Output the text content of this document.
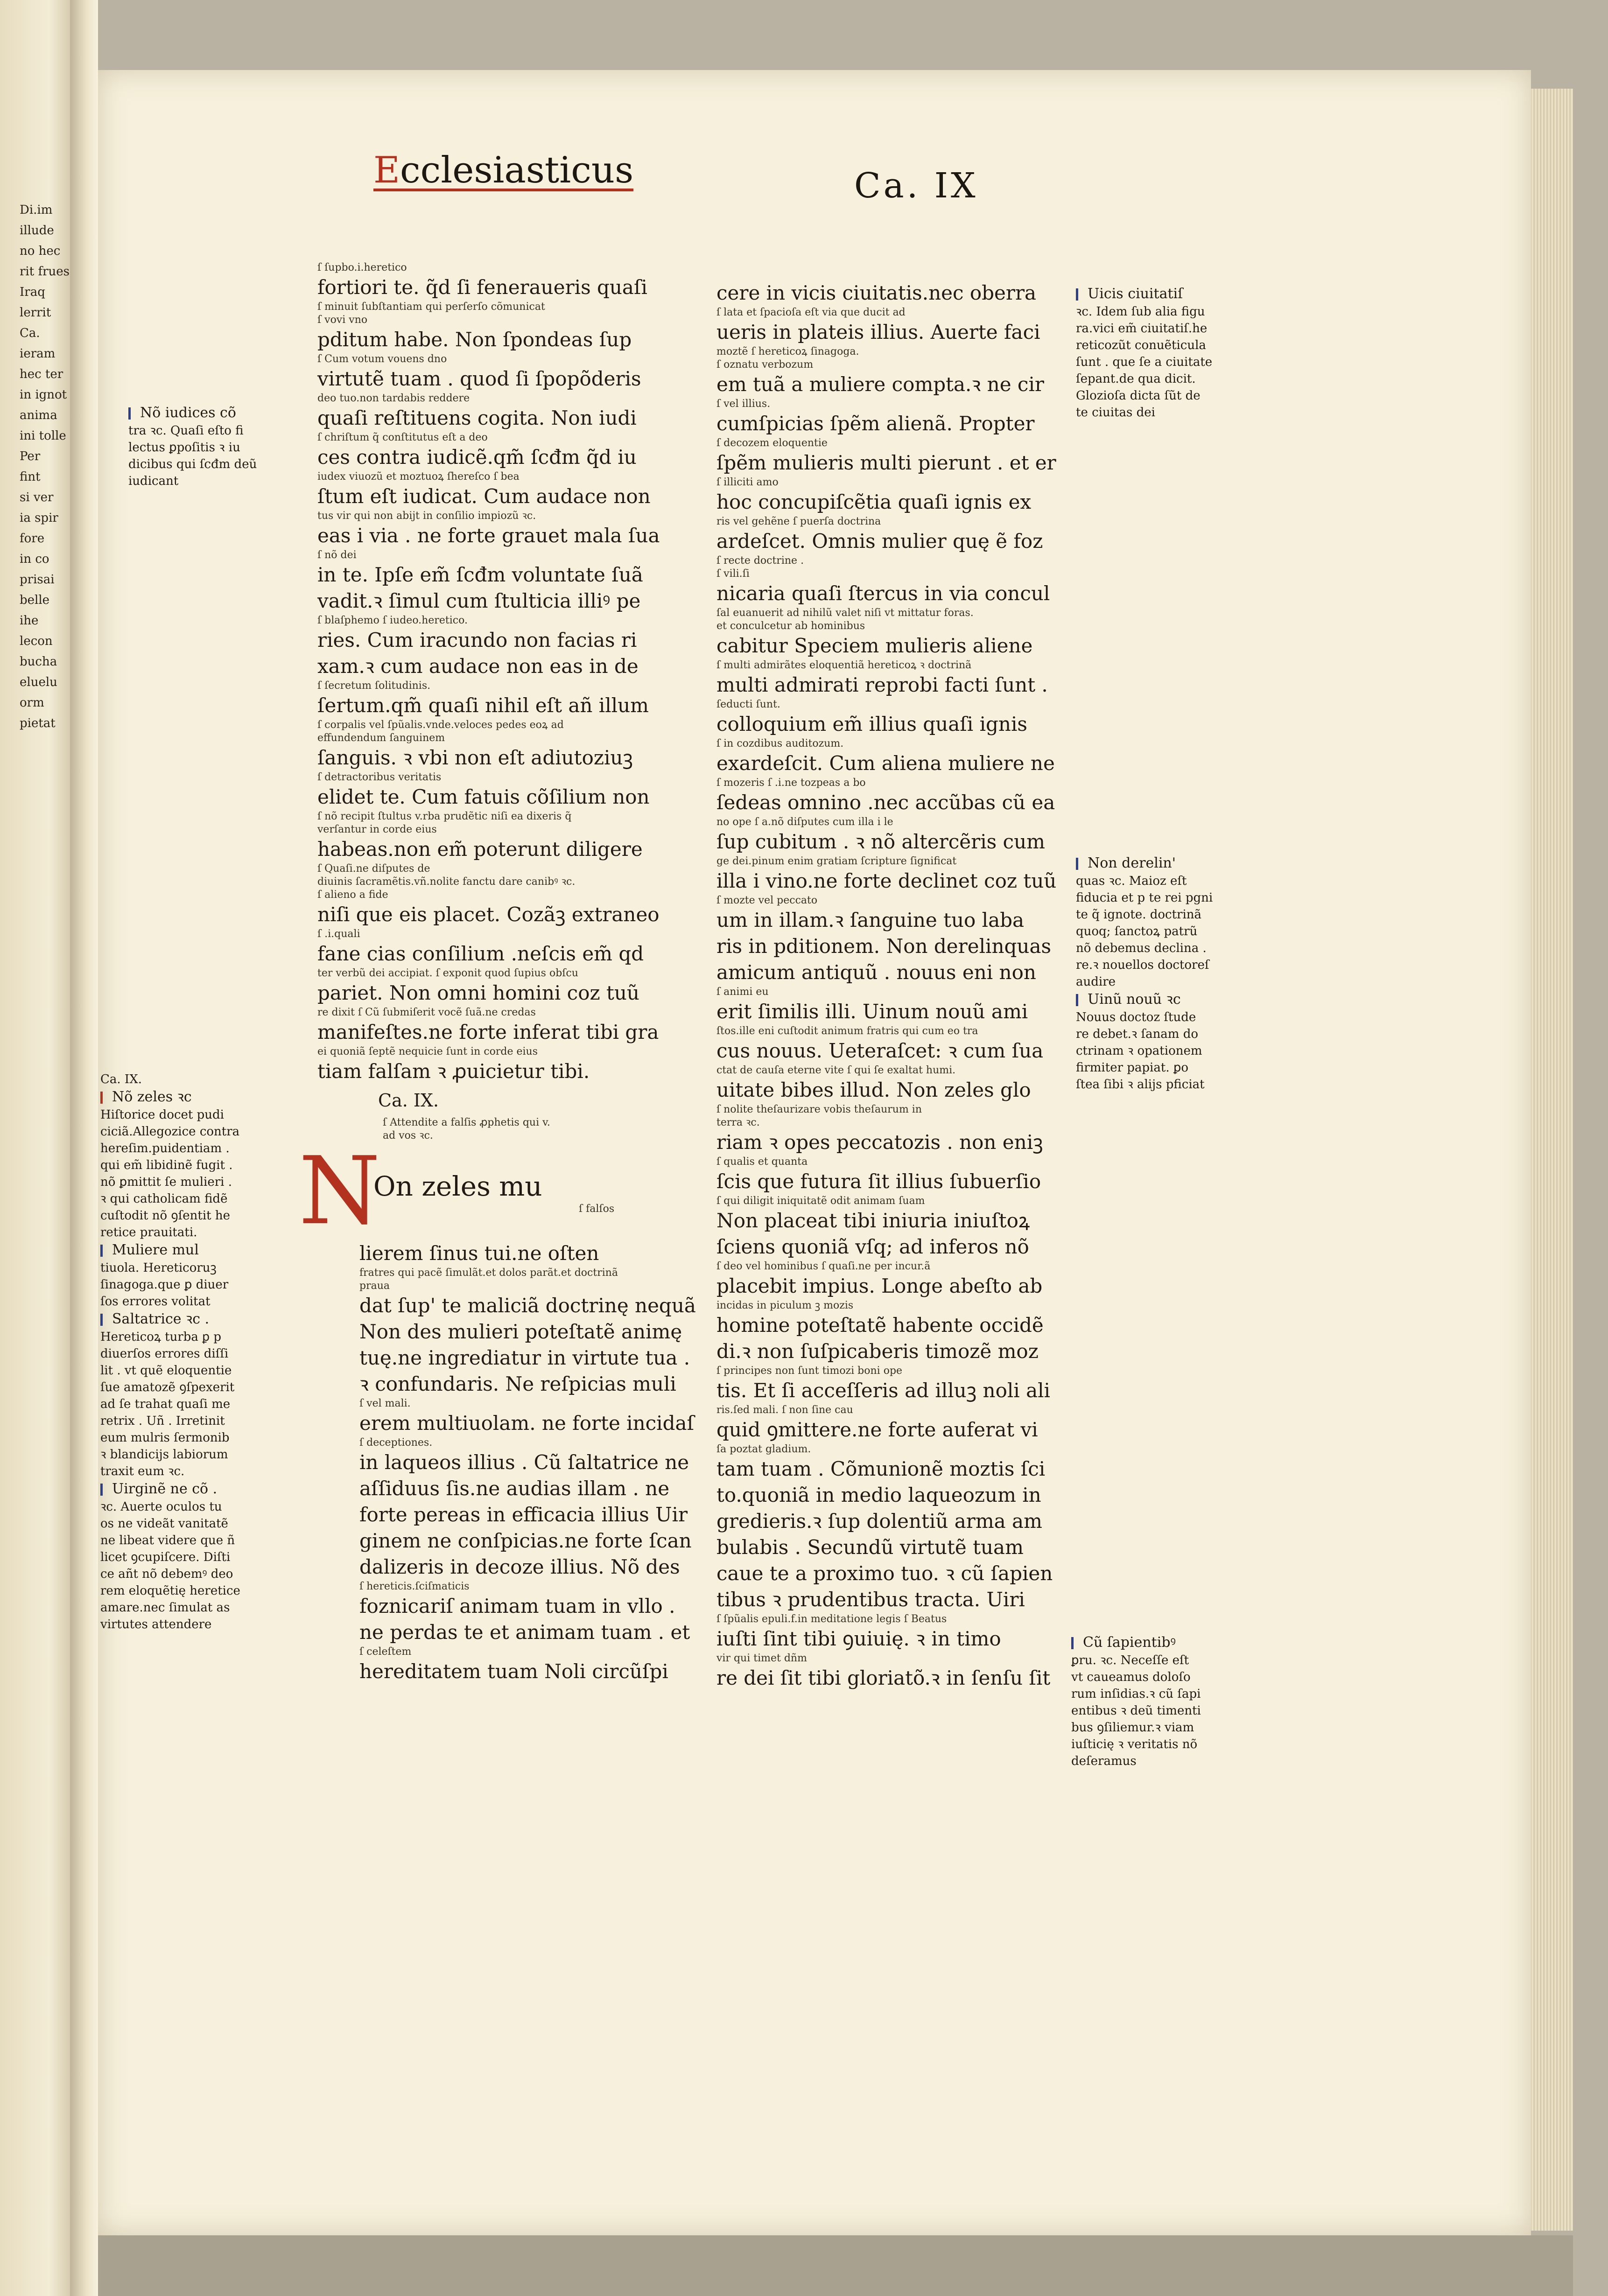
Di.im
illude
no hec
rit frues
Iraq
lerrit
Ca.
ieram
hec ter
in ignot
anima
ini tolle
Per
fint
si ver
ia spir
fore
in co
prisai
belle
ihe
lecon
bucha
eluelu
orm
pietat
Ecclesiasticus	Ca. IX
ſ ſupbo.i.heretico
fortiori te. q̃d ſi feneraueris quaſi
ſ minuit ſubſtantiam qui perſerſo cõmunicat
ſ vovi vno
pditum habe. Non ſpondeas ſup
ſ Cum votum vouens dno
virtutẽ tuam . quod ſi ſpopõderis
deo tuo.non tardabis reddere
quaſi reſtituens cogita. Non iudi
ſ chriſtum q̃ conſtitutus eſt a deo
ces contra iudicẽ.qm̃ ſcđm q̃d iu
iudex viuozũ et moztuoꝝ ſhereſco ſ bea
ſtum eſt iudicat. Cum audace non
tus vir qui non abijt in conſilio impiozũ ꝛc.
eas i via . ne forte grauet mala ſua
ſ nõ dei
in te. Ipſe em̃ ſcđm voluntate ſuã
vadit.ꝛ ſimul cum ſtulticia illiꝰ pe
ſ blaſphemo ſ iudeo.heretico.
ries. Cum iracundo non facias ri
xam.ꝛ cum audace non eas in de
ſ ſecretum ſolitudinis.
ſertum.qm̃ quaſi nihil eſt añ illum
ſ corpalis vel ſpũalis.vnde.veloces pedes eoꝝ ad
effundendum ſanguinem
ſanguis. ꝛ vbi non eſt adiutoziuꝫ
ſ detractoribus veritatis
elidet te. Cum fatuis cõſilium non
ſ nõ recipit ſtultus v.rba prudẽtic niſi ea dixeris q̃
verſantur in corde eius
habeas.non em̃ poterunt diligere
ſ Quaſi.ne diſputes de
diuinis ſacramẽtis.vñ.nolite fanctu dare canibꝰ ꝛc.
ſ alieno a fide
niſi que eis placet. Cozãꝫ extraneo
ſ .i.quali
fane cias conſilium .neſcis em̃ qd
ter verbũ dei accipiat. ſ exponit quod ſupius obſcu
pariet. Non omni homini coz tuũ
re dixit ſ Cũ ſubmiſerit vocẽ ſuã.ne credas
manifeſtes.ne forte inferat tibi gra
ei quoniã ſeptẽ nequicie ſunt in corde eius
tiam falſam ꝛ ꝓuicietur tibi.
Ca. IX.
ſ Attendite a falſis ꝓphetis qui v.
ad vos ꝛc.
N
On zeles mu
ſ falſos
lierem ſinus tui.ne oſten
fratres qui pacẽ ſimulãt.et dolos parãt.et doctrinã
praua
dat ſup' te maliciã doctrinę nequã
Non des mulieri poteſtatẽ animę
tuę.ne ingrediatur in virtute tua .
ꝛ confundaris. Ne reſpicias muli
ſ vel mali.
erem multiuolam. ne forte incidaſ
ſ deceptiones.
in laqueos illius . Cũ ſaltatrice ne
aſſiduus ſis.ne audias illam . ne
forte pereas in efficacia illius Uir
ginem ne conſpicias.ne forte ſcan
dalizeris in decoze illius. Nõ des
ſ hereticis.ſciſmaticis
foznicariſ animam tuam in vllo .
ne perdas te et animam tuam . et
ſ celeſtem
hereditatem tuam Noli circũſpi
cere in vicis ciuitatis.nec oberra
ſ lata et ſpacioſa eſt via que ducit ad
ueris in plateis illius. Auerte faci
moztẽ ſ hereticoꝝ ſinagoga.
ſ oznatu verbozum
em tuã a muliere compta.ꝛ ne cir
ſ vel illius.
cumſpicias ſpẽm alienã. Propter
ſ decozem eloquentie
ſpẽm mulieris multi pierunt . et er
ſ illiciti amo
hoc concupiſcẽtia quaſi ignis ex
ris vel gehẽne ſ puerſa doctrina
ardeſcet. Omnis mulier quę ẽ foz
ſ recte doctrine .
ſ vili.ſi
nicaria quaſi ſtercus in via concul
ſal euanuerit ad nihilũ valet niſi vt mittatur foras.
et conculcetur ab hominibus
cabitur Speciem mulieris aliene
ſ multi admirãtes eloquentiã hereticoꝝ ꝛ doctrinã
multi admirati reprobi facti ſunt .
ſeducti ſunt.
colloquium em̃ illius quaſi ignis
ſ in cozdibus auditozum.
exardeſcit. Cum aliena muliere ne
ſ mozeris ſ .i.ne tozpeas a bo
ſedeas omnino .nec accũbas cũ ea
no ope ſ a.nõ diſputes cum illa i le
ſup cubitum . ꝛ nõ altercẽris cum
ge dei.pinum enim gratiam ſcripture ſignificat
illa i vino.ne forte declinet coz tuũ
ſ mozte vel peccato
um in illam.ꝛ ſanguine tuo laba
ris in pditionem. Non derelinquas
amicum antiquũ . nouus eni non
ſ animi eu
erit ſimilis illi. Uinum nouũ ami
ſtos.ille eni cuſtodit animum fratris qui cum eo tra
cus nouus. Ueteraſcet: ꝛ cum ſua
ctat de cauſa eterne vite ſ qui ſe exaltat humi.
uitate bibes illud. Non zeles glo
ſ nolite theſaurizare vobis theſaurum in
terra ꝛc.
riam ꝛ opes peccatozis . non eniꝫ
ſ qualis et quanta
ſcis que futura ſit illius ſubuerſio
ſ qui diligit iniquitatẽ odit animam ſuam
Non placeat tibi iniuria iniuſtoꝝ
ſciens quoniã vſq; ad inferos nõ
ſ deo vel hominibus ſ quaſi.ne per incur.ã
placebit impius. Longe abeſto ab
incidas in piculum ꝫ mozis
homine poteſtatẽ habente occidẽ
di.ꝛ non ſuſpicaberis timozẽ moz
ſ principes non ſunt timozi boni ope
tis. Et ſi acceſſeris ad illuꝫ noli ali
ris.ſed mali. ſ non ſine cau
quid ꝯmittere.ne forte auferat vi
ſa poztat gladium.
tam tuam . Cõmunionẽ moztis ſci
to.quoniã in medio laqueozum in
gredieris.ꝛ ſup dolentiũ arma am
bulabis . Secundũ virtutẽ tuam
caue te a proximo tuo. ꝛ cũ ſapien
tibus ꝛ prudentibus tracta. Uiri
ſ ſpũalis epuli.f.in meditatione legis ſ Beatus
iuſti ſint tibi ꝯuiuię. ꝛ in timo
vir qui timet dñm
re dei ſit tibi gloriatõ.ꝛ in ſenſu ſit
Nõ iudices cõ
tra ꝛc. Quaſi eſto fi
lectus ꝑpoſitis ꝛ iu
dicibus qui ſcđm deũ
iudicant
Ca. IX.
Nõ zeles ꝛc
Hiſtorice docet pudi
ciciã.Allegozice contra
hereſim.puidentiam .
qui em̃ libidinẽ fugit .
nõ ꝑmittit ſe mulieri .
ꝛ qui catholicam fidẽ
cuſtodit nõ ꝯſentit he
retice prauitati.
Muliere mul
tiuola. Hereticoruꝫ
ſinagoga.que ꝑ diuer
ſos errores volitat
Saltatrice ꝛc .
Hereticoꝝ turba ꝑ p
diuerſos errores diſſi
lit . vt quẽ eloquentie
ſue amatozẽ ꝯſpexerit
ad ſe trahat quaſi me
retrix . Uñ . Irretinit
eum mulris ſermonib
ꝛ blandicijs labiorum
traxit eum ꝛc.
Uirginẽ ne cõ .
ꝛc. Auerte oculos tu
os ne videãt vanitatẽ
ne libeat videre que ñ
licet ꝯcupiſcere. Diſti
ce añt nõ debemꝰ deo
rem eloquẽtię heretice
amare.nec ſimulat as
virtutes attendere
Uicis ciuitatiſ
ꝛc. Idem ſub alia figu
ra.vici em̃ ciuitatiſ.he
reticozũt conuẽticula
ſunt . que ſe a ciuitate
ſepant.de qua dicit.
Glozioſa dicta ſũt de
te ciuitas dei
Non derelin'
quas ꝛc. Maioz eſt
fiducia et p te rei pgni
te q̃ ignote. doctrinã
quoq; ſanctoꝝ patrũ
nõ debemus declina .
re.ꝛ nouellos doctoreſ
audire
Uinũ nouũ ꝛc
Nouus doctoz ſtude
re debet.ꝛ ſanam do
ctrinam ꝛ opationem
firmiter papiat. ꝑo
ſtea ſibi ꝛ alijs pficiat
Cũ ſapientibꝰ
ꝑru. ꝛc. Neceſſe eſt
vt caueamus doloſo
rum inſidias.ꝛ cũ ſapi
entibus ꝛ deũ timenti
bus ꝯſiliemur.ꝛ viam
iuſticię ꝛ veritatis nõ
deſeramus
